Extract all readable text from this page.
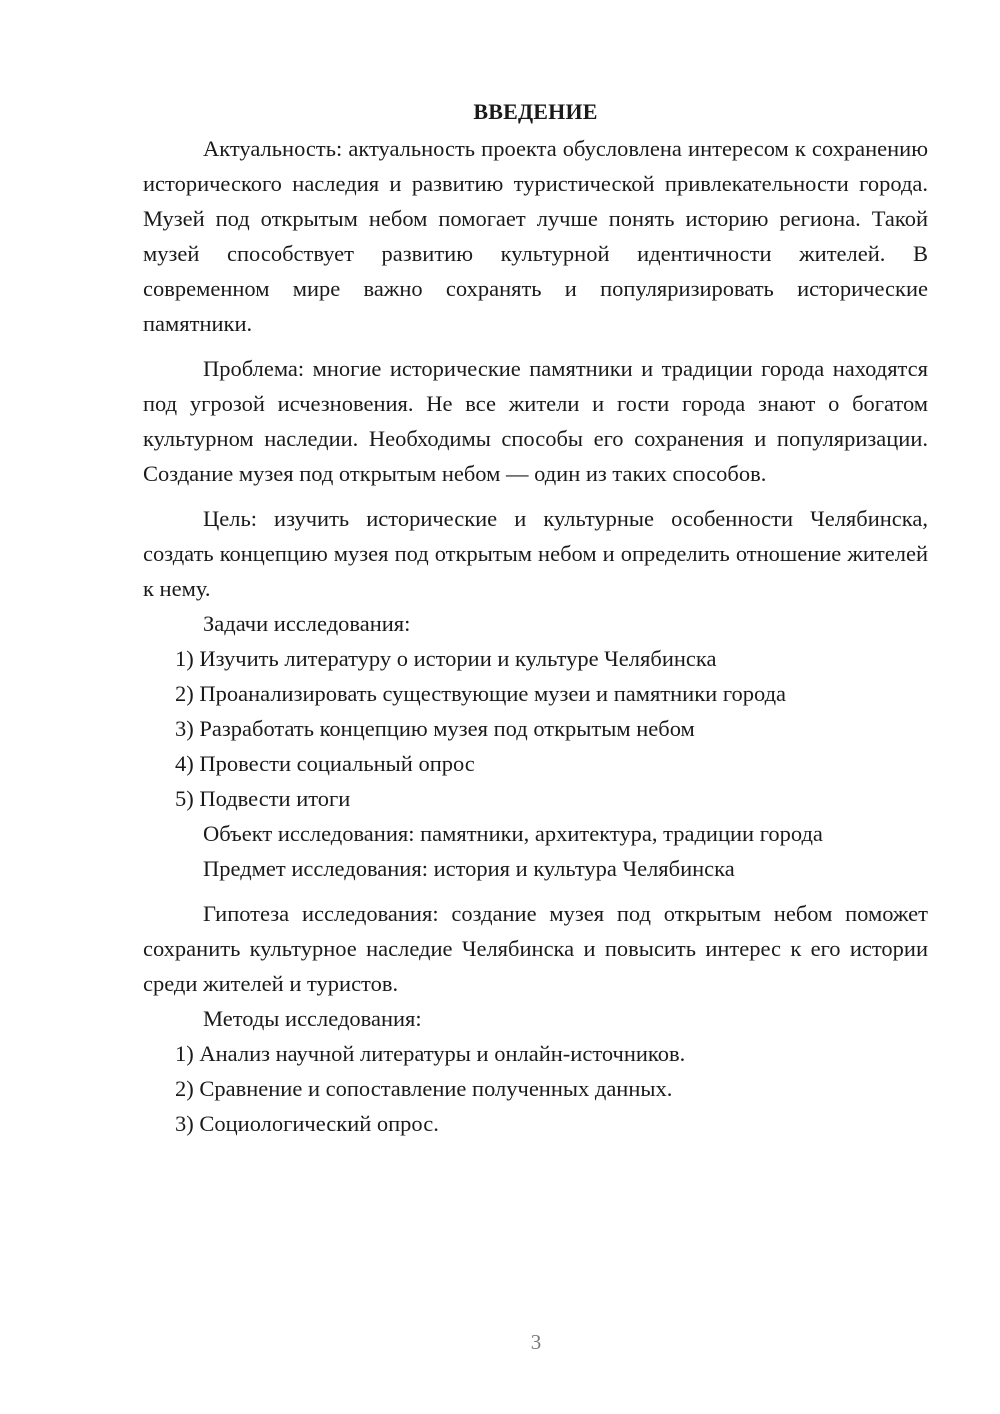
ВВЕДЕНИЕ

Актуальность: актуальность проекта обусловлена интересом к сохранению исторического наследия и развитию туристической привлекательности города. Музей под открытым небом помогает лучше понять историю региона. Такой музей способствует развитию культурной идентичности жителей. В современном мире важно сохранять и популяризировать исторические памятники.

Проблема: многие исторические памятники и традиции города находятся под угрозой исчезновения. Не все жители и гости города знают о богатом культурном наследии. Необходимы способы его сохранения и популяризации. Создание музея под открытым небом — один из таких способов.

Цель: изучить исторические и культурные особенности Челябинска, создать концепцию музея под открытым небом и определить отношение жителей к нему.

Задачи исследования:

1) Изучить литературу о истории и культуре Челябинска

2) Проанализировать существующие музеи и памятники города

3) Разработать концепцию музея под открытым небом

4) Провести социальный опрос

5) Подвести итоги

Объект исследования: памятники, архитектура, традиции города

Предмет исследования: история и культура Челябинска

Гипотеза исследования: создание музея под открытым небом поможет сохранить культурное наследие Челябинска и повысить интерес к его истории среди жителей и туристов.

Методы исследования:

1) Анализ научной литературы и онлайн-источников.

2) Сравнение и сопоставление полученных данных.

3) Социологический опрос.

3
